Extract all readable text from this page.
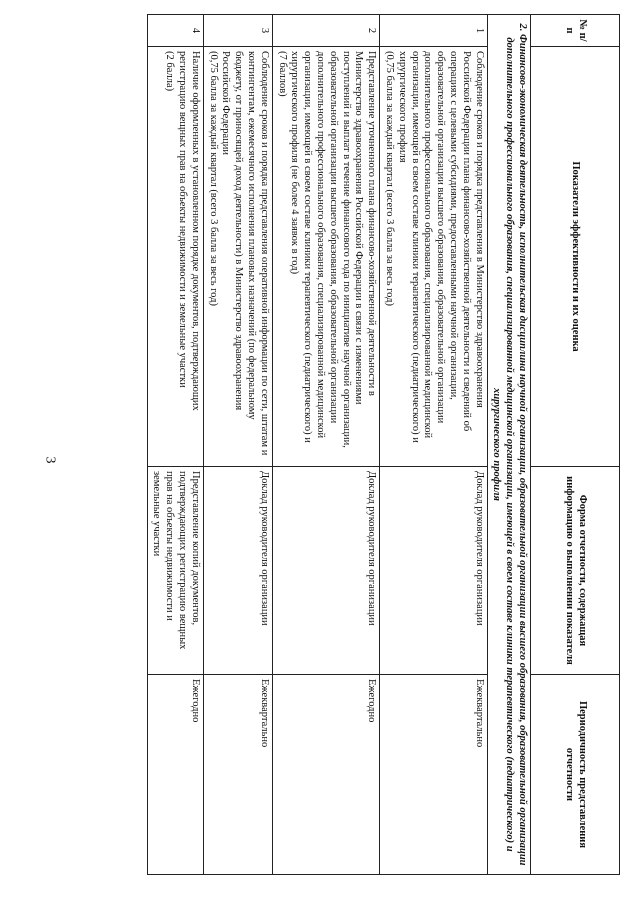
3
№ п/п	Показатели эффективности и их оценка	Форма отчетности, содержащая информацию о выполнении показателя	Периодичность представления отчетности
2. Финансово-экономическая деятельность, исполнительская дисциплина научной организации, образовательной организации высшего образования, образовательной организации дополнительного профессионального образования, специализированной медицинской организации, имеющей в своем составе клиники терапевтического (педиатрического) и хирургического профиля			
1	Соблюдение сроков и порядка представления в Министерство здравоохранения Российской Федерации плана финансово-хозяйственной деятельности и сведений об операциях с целевыми субсидиями, предоставленными научной организации, образовательной организации высшего образования, образовательной организации дополнительного профессионального образования, специализированной медицинской организации, имеющей в своем составе клиники терапевтического (педиатрического) и хирургического профиля
(0,75 балла за каждый квартал (всего 3 балла за весь год)	Доклад руководителя организации	Ежеквартально
2	Представление уточненного плана финансово-хозяйственной деятельности в Министерство здравоохранения Российской Федерации в связи с изменениями поступлений и выплат в течение финансового года по инициативе научной организации, образовательной организации высшего образования, образовательной организации дополнительного профессионального образования, специализированной медицинской организации, имеющей в своем составе клиники терапевтического (педиатрического) и хирургического профиля (не более 4 заявок в год)
(7 баллов)	Доклад руководителя организации	Ежегодно
3	Соблюдение сроков и порядка представления оперативной информации по сети, штатам и контингентам, ежемесячного исполнения плановых назначений (по федеральному бюджету, от приносящей доход деятельности) в Министерство здравоохранения Российской Федерации
(0,75 балла за каждый квартал (всего 3 балла за весь год)	Доклад руководителя организации	Ежеквартально
4	Наличие оформленных в установленном порядке документов, подтверждающих регистрацию вещных прав на объекты недвижимости и земельные участки
(2 балла)	Представление копий документов, подтверждающих регистрацию вещных прав на объекты недвижимости и земельные участки	Ежегодно
